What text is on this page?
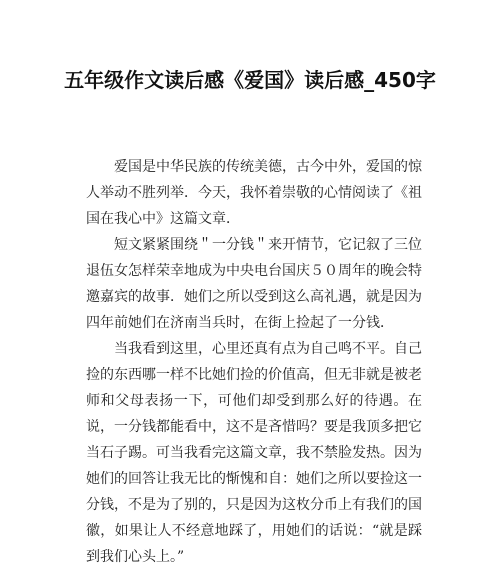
五年级作文读后感《爱国》读后感_450字

爱国是中华民族的传统美德，古今中外，爱国的惊人举动不胜列举．今天，我怀着崇敬的心情阅读了《祖国在我心中》这篇文章．

短文紧紧围绕＂一分钱＂来开情节，它记叙了三位退伍女怎样荣幸地成为中央电台国庆５０周年的晚会特邀嘉宾的故事．她们之所以受到这么高礼遇，就是因为四年前她们在济南当兵时，在街上捡起了一分钱．

当我看到这里，心里还真有点为自己鸣不平。自己捡的东西哪一样不比她们捡的价值高，但无非就是被老师和父母表扬一下，可他们却受到那么好的待遇。在说，一分钱都能看中，这不是吝惜吗？要是我顶多把它当石子踢。可当我看完这篇文章，我不禁脸发热。因为她们的回答让我无比的惭愧和自：她们之所以要捡这一分钱，不是为了别的，只是因为这枚分币上有我们的国徽，如果让人不经意地踩了，用她们的话说：“就是踩到我们心头上。”
